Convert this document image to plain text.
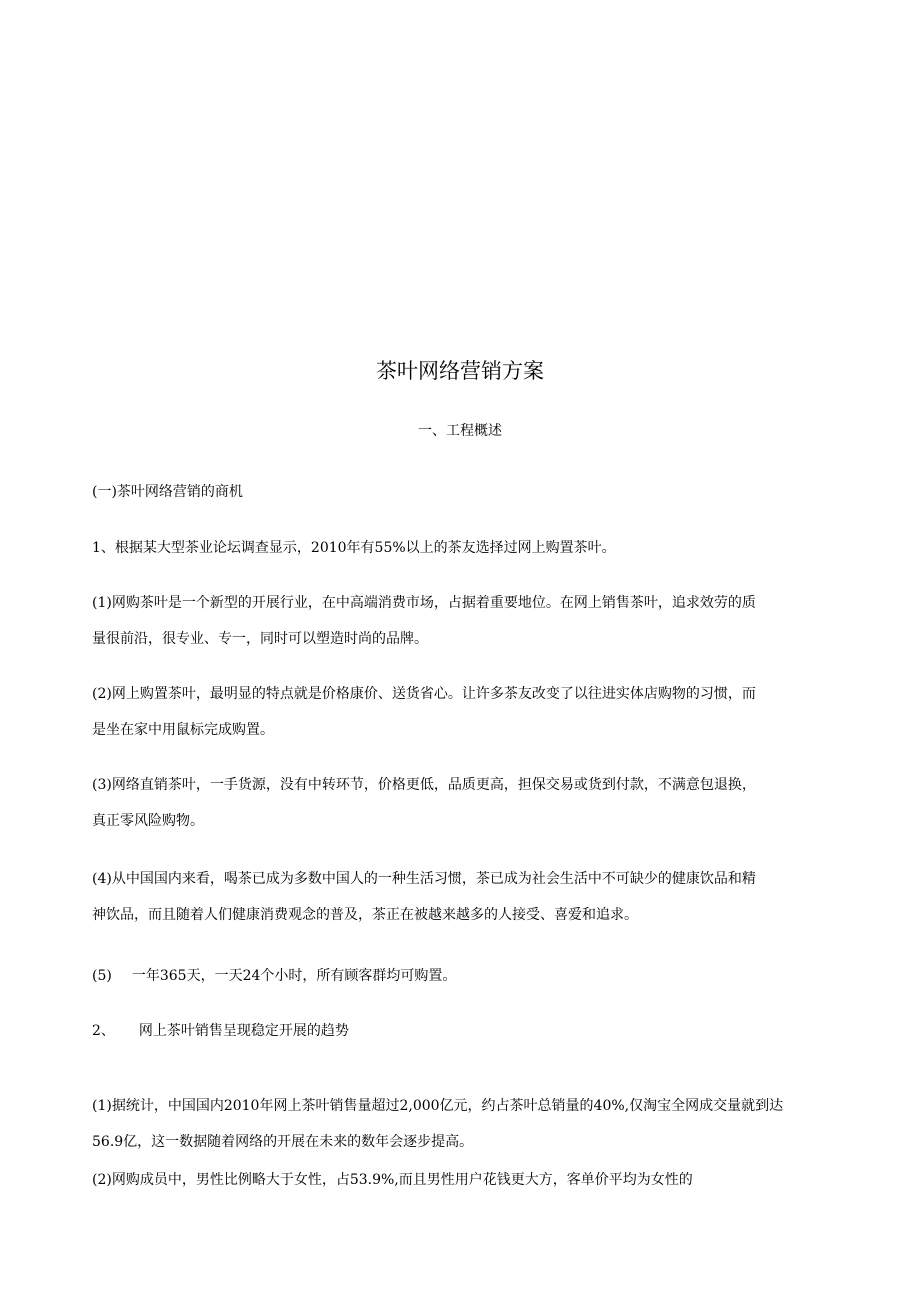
茶叶网络营销方案
一、工程概述

(一)茶叶网络营销的商机

1、根据某大型茶业论坛调查显示，2010年有55%以上的茶友选择过网上购置茶叶。

(1)网购茶叶是一个新型的开展行业，在中高端消费市场，占据着重要地位。在网上销售茶叶，追求效劳的质
量很前沿，很专业、专一，同时可以塑造时尚的品牌。

(2)网上购置茶叶，最明显的特点就是价格康价、送货省心。让许多茶友改变了以往进实体店购物的习惯，而
是坐在家中用鼠标完成购置。

(3)网络直销茶叶，一手货源，没有中转环节，价格更低，品质更高，担保交易或货到付款，不满意包退换，
真正零风险购物。

(4)从中国国内来看，喝茶已成为多数中国人的一种生活习惯，茶已成为社会生活中不可缺少的健康饮品和精
神饮品，而且随着人们健康消费观念的普及，茶正在被越来越多的人接受、喜爱和追求。

(5) 一年365天，一天24个小时，所有顾客群均可购置。

2、 网上茶叶销售呈现稳定开展的趋势

(1)据统计，中国国内2010年网上茶叶销售量超过2,000亿元，约占茶叶总销量的40%,仅淘宝全网成交量就到达
56.9亿，这一数据随着网络的开展在未来的数年会逐步提高。

(2)网购成员中，男性比例略大于女性，占53.9%,而且男性用户花钱更大方，客单价平均为女性的
